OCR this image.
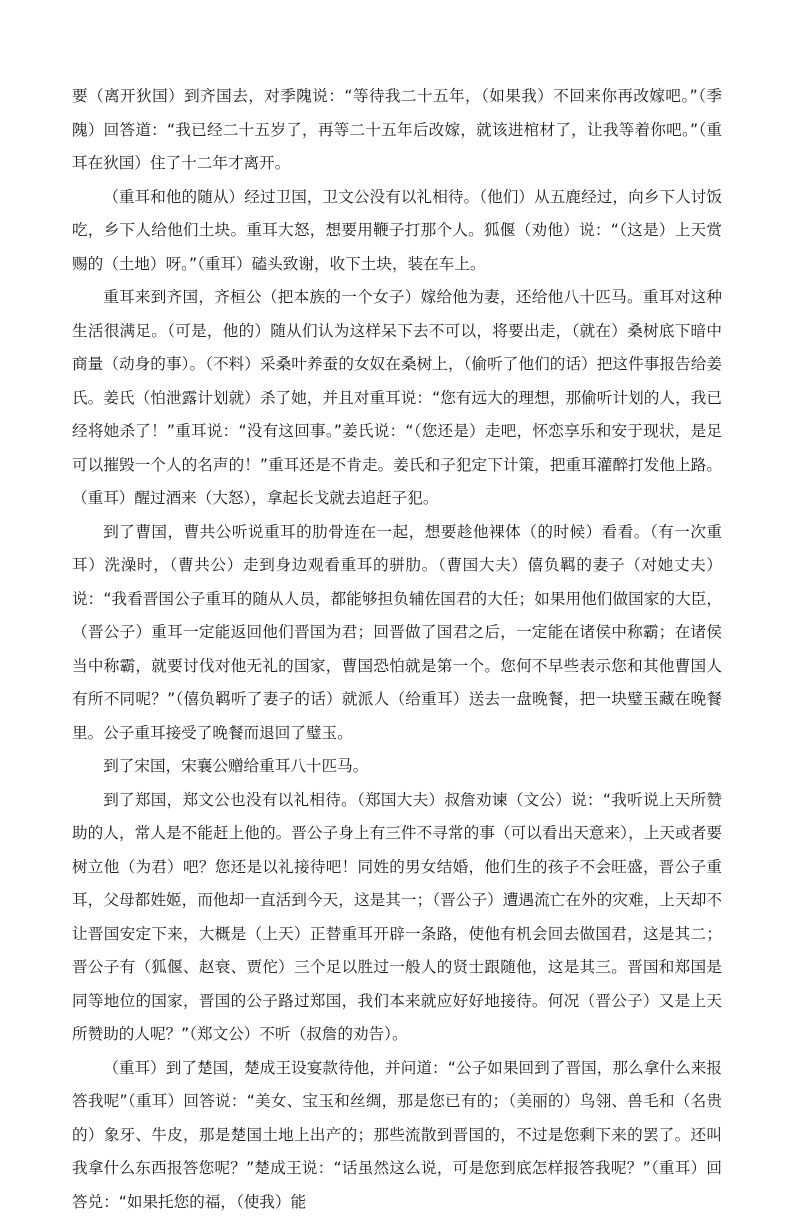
要（离开狄国）到齐国去，对季隗说：“等待我二十五年，（如果我）不回来你再改嫁吧。”（季隗）回答道：“我已经二十五岁了，再等二十五年后改嫁，就该进棺材了，让我等着你吧。”（重耳在狄国）住了十二年才离开。

（重耳和他的随从）经过卫国，卫文公没有以礼相待。（他们）从五鹿经过，向乡下人讨饭吃，乡下人给他们土块。重耳大怒，想要用鞭子打那个人。狐偃（劝他）说：“（这是）上天赏赐的（土地）呀。”（重耳）磕头致谢，收下土块，装在车上。

重耳来到齐国，齐桓公（把本族的一个女子）嫁给他为妻，还给他八十匹马。重耳对这种生活很满足。（可是，他的）随从们认为这样呆下去不可以，将要出走，（就在）桑树底下暗中商量（动身的事）。（不料）采桑叶养蚕的女奴在桑树上，（偷听了他们的话）把这件事报告给姜氏。姜氏（怕泄露计划就）杀了她，并且对重耳说：“您有远大的理想，那偷听计划的人，我已经将她杀了！”重耳说：“没有这回事。”姜氏说：“（您还是）走吧，怀恋享乐和安于现状，是足可以摧毁一个人的名声的！”重耳还是不肯走。姜氏和子犯定下计策，把重耳灌醉打发他上路。（重耳）醒过酒来（大怒），拿起长戈就去追赶子犯。

到了曹国，曹共公听说重耳的肋骨连在一起，想要趁他裸体（的时候）看看。（有一次重耳）洗澡时，（曹共公）走到身边观看重耳的骈肋。（曹国大夫）僖负羁的妻子（对她丈夫）说：“我看晋国公子重耳的随从人员，都能够担负辅佐国君的大任；如果用他们做国家的大臣，（晋公子）重耳一定能返回他们晋国为君；回晋做了国君之后，一定能在诸侯中称霸；在诸侯当中称霸，就要讨伐对他无礼的国家，曹国恐怕就是第一个。您何不早些表示您和其他曹国人有所不同呢？”（僖负羁听了妻子的话）就派人（给重耳）送去一盘晚餐，把一块璧玉藏在晚餐里。公子重耳接受了晚餐而退回了璧玉。

到了宋国，宋襄公赠给重耳八十匹马。

到了郑国，郑文公也没有以礼相待。（郑国大夫）叔詹劝谏（文公）说：“我听说上天所赞助的人，常人是不能赶上他的。晋公子身上有三件不寻常的事（可以看出天意来），上天或者要树立他（为君）吧？您还是以礼接待吧！同姓的男女结婚，他们生的孩子不会旺盛，晋公子重耳，父母都姓姬，而他却一直活到今天，这是其一；（晋公子）遭遇流亡在外的灾难，上天却不让晋国安定下来，大概是（上天）正替重耳开辟一条路，使他有机会回去做国君，这是其二；晋公子有（狐偃、赵衰、贾佗）三个足以胜过一般人的贤士跟随他，这是其三。晋国和郑国是同等地位的国家，晋国的公子路过郑国，我们本来就应好好地接待。何况（晋公子）又是上天所赞助的人呢？”（郑文公）不听（叔詹的劝告）。

（重耳）到了楚国，楚成王设宴款待他，并问道：“公子如果回到了晋国，那么拿什么来报答我呢”（重耳）回答说：“美女、宝玉和丝绸，那是您已有的；（美丽的）鸟翎、兽毛和（名贵的）象牙、牛皮，那是楚国土地上出产的；那些流散到晋国的，不过是您剩下来的罢了。还叫我拿什么东西报答您呢？”楚成王说：“话虽然这么说，可是您到底怎样报答我呢？”（重耳）回答兑：“如果托您的福，（使我）能
